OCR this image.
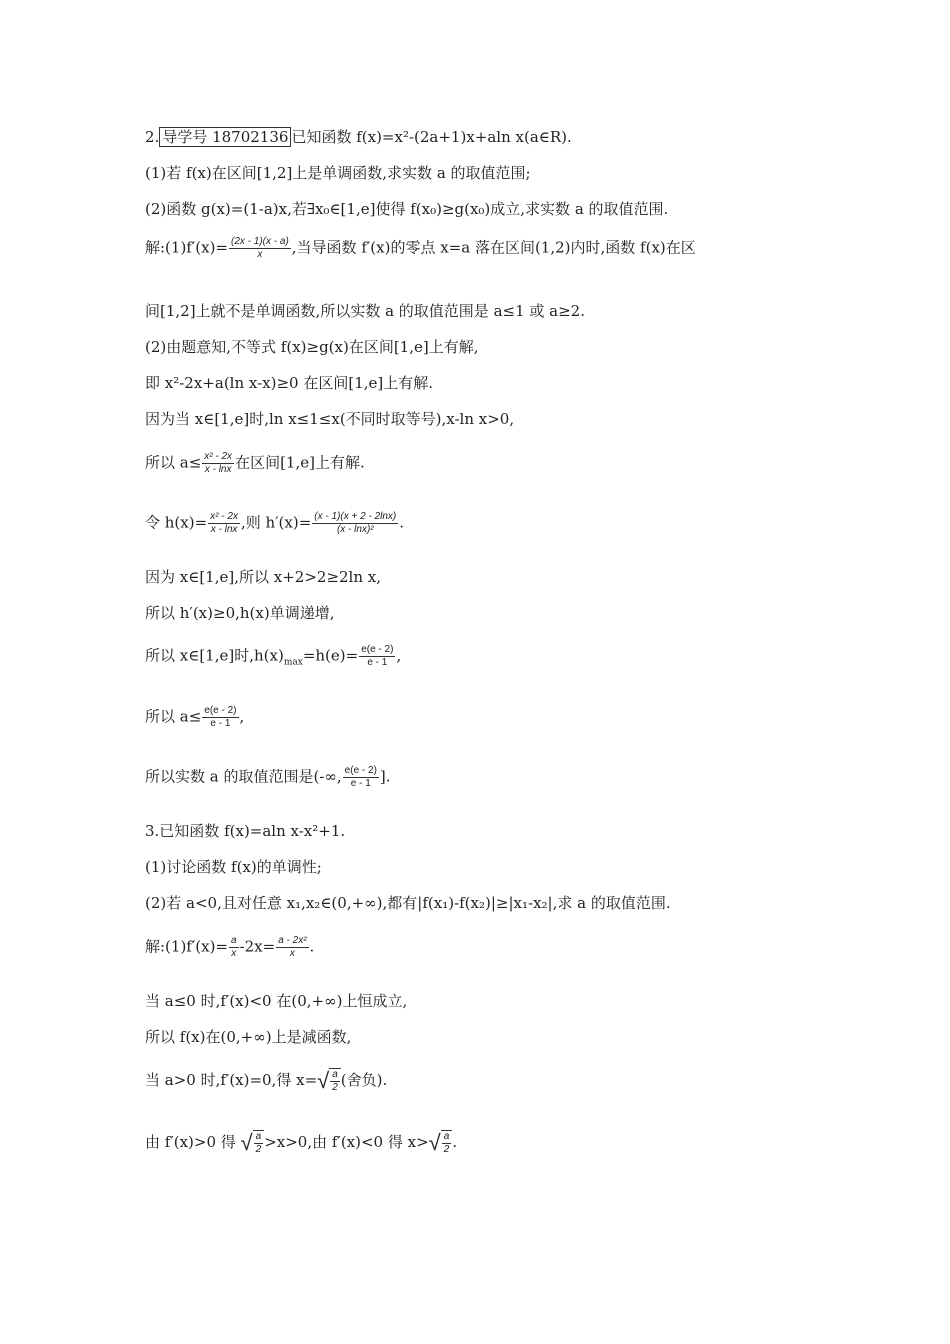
2. 导学号 18702136 已知函数 f(x)=x²-(2a+1)x+aln x(a∈R).
(1)若 f(x)在区间[1,2]上是单调函数,求实数 a 的取值范围;
(2)函数 g(x)=(1-a)x,若∃x₀∈[1,e]使得 f(x₀)≥g(x₀)成立,求实数 a 的取值范围.
解:(1)f′(x)= $\frac{(2x - 1)(x - a)}{x}$ ,当导函数 f′(x)的零点 x=a 落在区间(1,2)内时,函数 f(x)在区
间[1,2]上就不是单调函数,所以实数 a 的取值范围是 a≤1 或 a≥2.
(2)由题意知,不等式 f(x)≥g(x)在区间[1,e]上有解,
即 x²-2x+a(ln x-x)≥0 在区间[1,e]上有解.
因为当 x∈[1,e]时,ln x≤1≤x(不同时取等号),x-ln x>0,
所以 $a\le \frac{\text{x² - 2x}}{x - \ln x}$ 在区间[1,e]上有解.
令 $h(x)= \frac{\text{x² - 2x}}{x - \ln x}$ ,则 $h'(x)= \frac{(x - 1)(x + 2 - 2\ln x)}{\text{(x - lnx)²}}$ .
因为 x∈[1,e],所以 x+2>2≥2ln x,
所以 h′(x)≥0,h(x)单调递增,
所以 x∈[1,e]时$,h(x)_{max}=h(e)= \frac{e(e - 2)}{e - 1}$ ,
所以 $a\le \frac{e(e - 2)}{e - 1}$ ,
所以实数 a 的取值范围是(-∞, $\frac{e(e - 2)}{e - 1}$ ].
3.已知函数 f(x)=aln x-x²+1.
(1)讨论函数 f(x)的单调性;
(2)若 a<0,且对任意 x₁,x₂∈(0,+∞),都有|f(x₁)-f(x₂)|≥|x₁-x₂|,求 a 的取值范围.
解:(1)f′(x)= $\frac{a}{x} -2x= \frac{\text{a - 2x²}}{x}$ .
当 a≤0 时,f′(x)<0 在(0,+∞)上恒成立,
所以 f(x)在(0,+∞)上是减函数,
当 a>0 时,f′(x)=0,得 $x=√ \frac{a}{2}$ (舍负).
由 f′(x)>0 得 √ $\frac{a}{2} >x>0$,由 f′(x)<0 得 $x>√ \frac{a}{2}$ .
